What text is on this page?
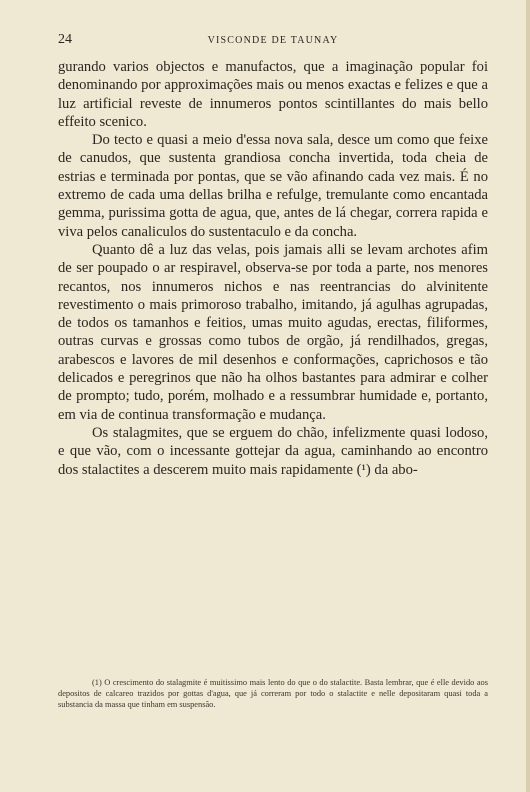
24	VISCONDE DE TAUNAY

gurando varios objectos e manufactos, que a imaginação popular foi denominando por approximações mais ou menos exactas e felizes e que a luz artificial reveste de innumeros pontos scintillantes do mais bello effeito scenico.

Do tecto e quasi a meio d'essa nova sala, desce um como que feixe de canudos, que sustenta grandiosa concha invertida, toda cheia de estrias e terminada por pontas, que se vão afinando cada vez mais. É no extremo de cada uma dellas brilha e refulge, tremulante como encantada gemma, purissima gotta de agua, que, antes de lá chegar, correra rapida e viva pelos canaliculos do sustentaculo e da concha.

Quanto dê a luz das velas, pois jamais alli se levam archotes afim de ser poupado o ar respiravel, observa-se por toda a parte, nos menores recantos, nos innumeros nichos e nas reentrancias do alvinitente revestimento o mais primoroso trabalho, imitando, já agulhas agrupadas, de todos os tamanhos e feitios, umas muito agudas, erectas, filiformes, outras curvas e grossas como tubos de orgão, já rendilhados, gregas, arabescos e lavores de mil desenhos e conformações, caprichosos e tão delicados e peregrinos que não ha olhos bastantes para admirar e colher de prompto; tudo, porém, molhado e a ressumbrar humidade e, portanto, em via de continua transformação e mudança.

Os stalagmites, que se erguem do chão, infelizmente quasi lodoso, e que vão, com o incessante gottejar da agua, caminhando ao encontro dos stalactites a descerem muito mais rapidamente (¹) da abo-

(1) O crescimento do stalagmite é muitissimo mais lento do que o do stalactite. Basta lembrar, que é elle devido aos depositos de calcareo trazidos por gottas d'agua, que já correram por todo o stalactite e nelle depositaram quasi toda a substancia da massa que tinham em suspensão.
